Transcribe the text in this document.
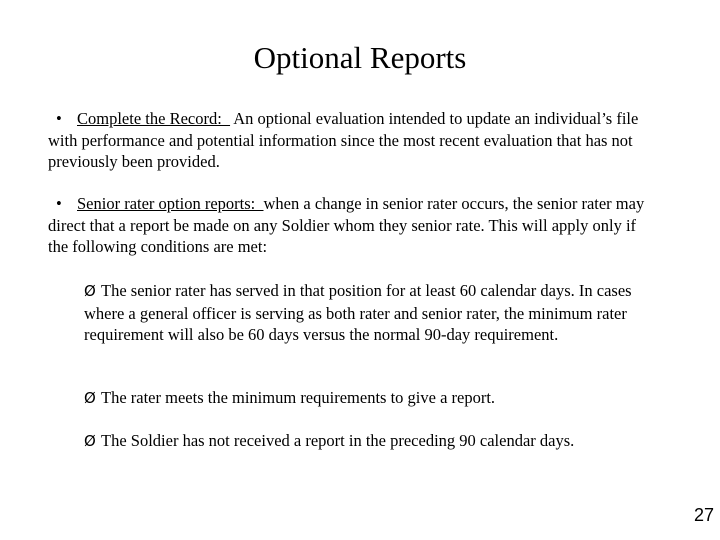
Optional Reports
• Complete the Record:   An optional evaluation intended to update an individual’s file with performance and potential information since the most recent evaluation that has not previously been provided.
• Senior rater option reports:  when a change in senior rater occurs, the senior rater may direct that a report be made on any Soldier whom they senior rate. This will apply only if the following conditions are met:
Ø The senior rater has served in that position for at least 60 calendar days. In cases where a general officer is serving as both rater and senior rater, the minimum rater requirement will also be 60 days versus the normal 90-day requirement.
Ø The rater meets the minimum requirements to give a report.
Ø The Soldier has not received a report in the preceding 90 calendar days.
27
